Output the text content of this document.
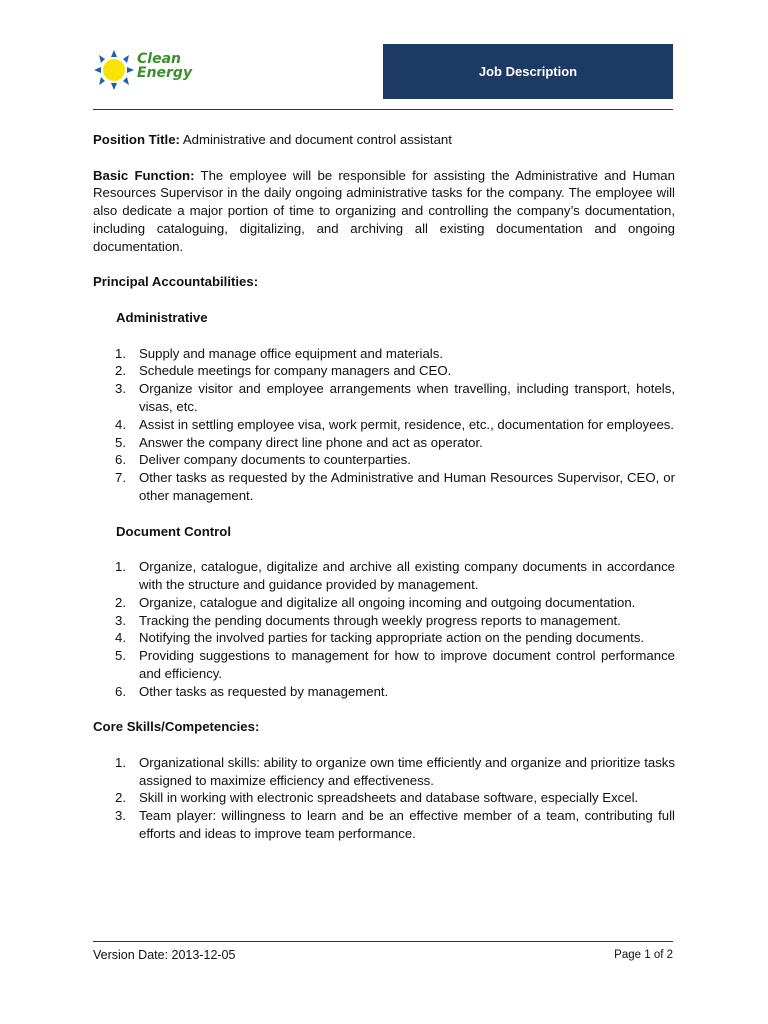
Clean
Energy	Job Description

Position Title: Administrative and document control assistant

Basic Function: The employee will be responsible for assisting the Administrative and Human Resources Supervisor in the daily ongoing administrative tasks for the company. The employee will also dedicate a major portion of time to organizing and controlling the company’s documentation, including cataloguing, digitalizing, and archiving all existing documentation and ongoing documentation.

Principal Accountabilities:
Administrative
1. Supply and manage office equipment and materials.
2. Schedule meetings for company managers and CEO.
3. Organize visitor and employee arrangements when travelling, including transport, hotels, visas, etc.
4. Assist in settling employee visa, work permit, residence, etc., documentation for employees.
5. Answer the company direct line phone and act as operator.
6. Deliver company documents to counterparties.
7. Other tasks as requested by the Administrative and Human Resources Supervisor, CEO, or other management.
Document Control
1. Organize, catalogue, digitalize and archive all existing company documents in accordance with the structure and guidance provided by management.
2. Organize, catalogue and digitalize all ongoing incoming and outgoing documentation.
3. Tracking the pending documents through weekly progress reports to management.
4. Notifying the involved parties for tacking appropriate action on the pending documents.
5. Providing suggestions to management for how to improve document control performance and efficiency.
6. Other tasks as requested by management.
Core Skills/Competencies:
1. Organizational skills: ability to organize own time efficiently and organize and prioritize tasks assigned to maximize efficiency and effectiveness.
2. Skill in working with electronic spreadsheets and database software, especially Excel.
3. Team player: willingness to learn and be an effective member of a team, contributing full efforts and ideas to improve team performance.
Version Date: 2013-12-05	Page 1 of 2
